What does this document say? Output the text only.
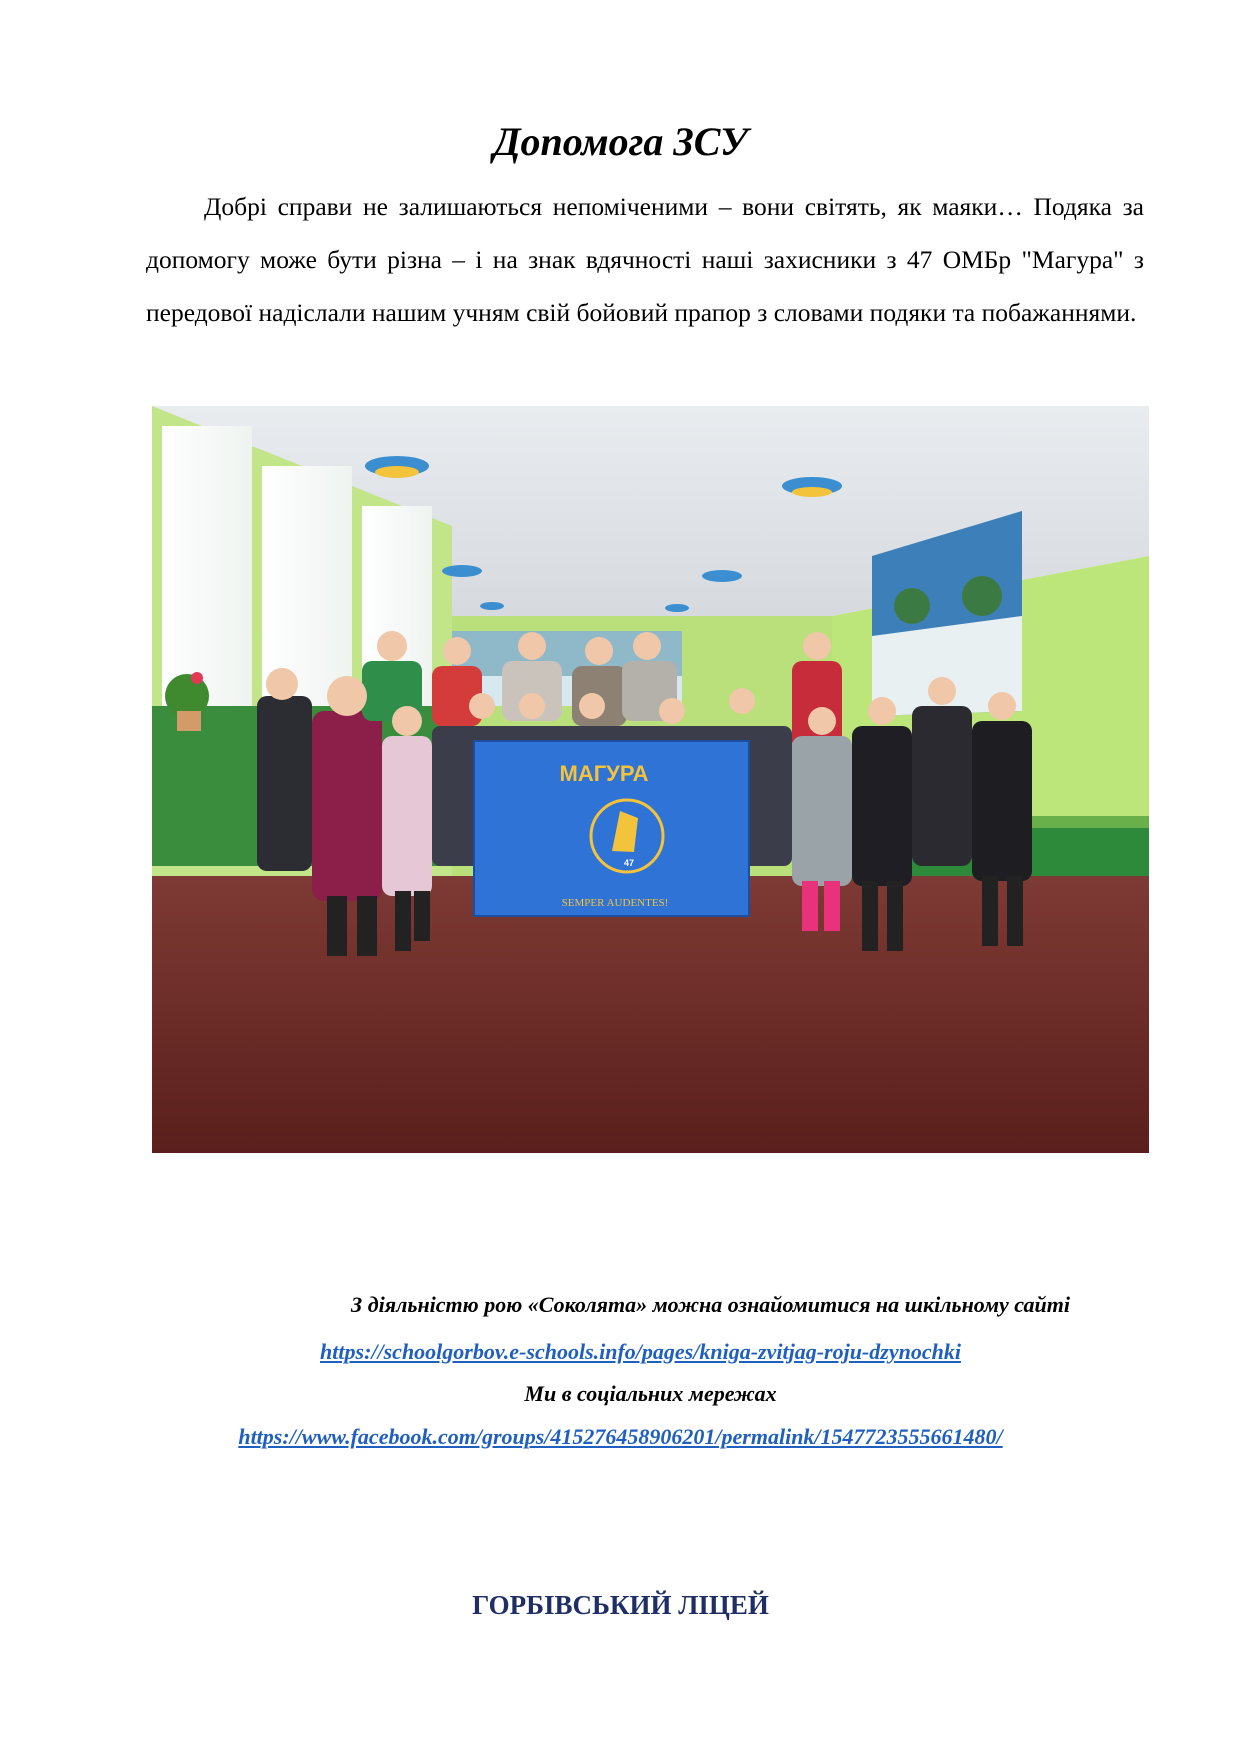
Допомога ЗСУ

Добрі справи не залишаються непоміченими – вони світять, як маяки… Подяка за допомогу може бути різна – і на знак вдячності наші захисники з 47 ОМБр "Магура" з передової надіслали нашим учням свій бойовий прапор з словами подяки та побажаннями.

МАГУРА
47
SEMPER AUDENTES!

З діяльністю рою «Соколята» можна ознайомитися на шкільному сайті

https://schoolgorbov.e-schools.info/pages/kniga-zvitjag-roju-dzynochki

Ми в соціальних мережах

https://www.facebook.com/groups/415276458906201/permalink/1547723555661480/

ГОРБІВСЬКИЙ ЛІЦЕЙ
